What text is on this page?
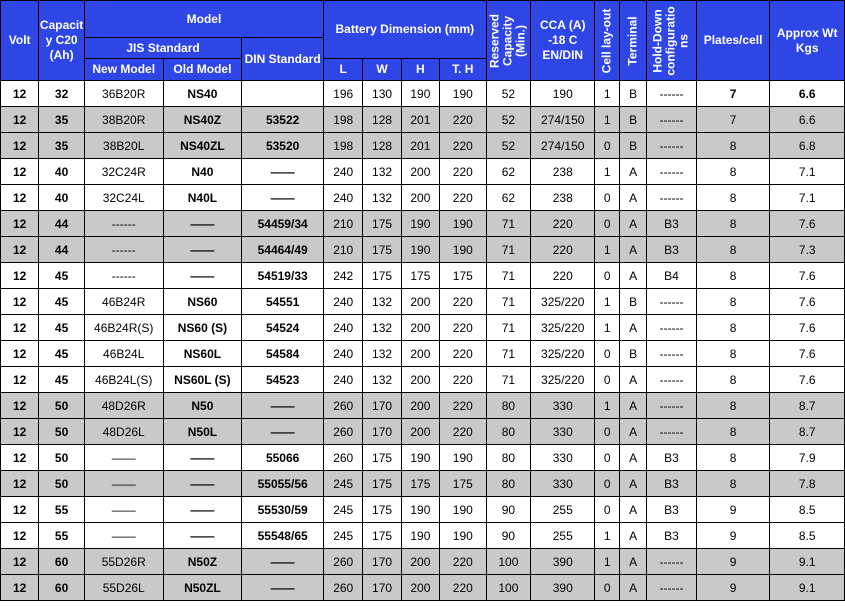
Volt	Capacit y C20 (Ah)	Model			Battery Dimension (mm)				Reserved Capacity (Min.)	CCA (A) -18 C EN/DIN	Cell lay-out	Terminal	Hold-Down configuratio ns	Plates/cell	Approx Wt Kgs

		JIS Standard		DIN Standard											
		New Model	Old Model		L	W	H	T. H							
12	32	36B20R	NS40		196	130	190	190	52	190	1	B	------	7	6.6
12	35	38B20R	NS40Z	53522	198	128	201	220	52	274/150	1	B	------	7	6.6
12	35	38B20L	NS40ZL	53520	198	128	201	220	52	274/150	0	B	------	8	6.8
12	40	32C24R	N40	——	240	132	200	220	62	238	1	A	------	8	7.1
12	40	32C24L	N40L	——	240	132	200	220	62	238	0	A	------	8	7.1
12	44	------	——	54459/34	210	175	190	190	71	220	0	A	B3	8	7.6
12	44	------	——	54464/49	210	175	190	190	71	220	1	A	B3	8	7.3
12	45	------	——	54519/33	242	175	175	175	71	220	0	A	B4	8	7.6
12	45	46B24R	NS60	54551	240	132	200	220	71	325/220	1	B	------	8	7.6
12	45	46B24R(S)	NS60 (S)	54524	240	132	200	220	71	325/220	1	A	------	8	7.6
12	45	46B24L	NS60L	54584	240	132	200	220	71	325/220	0	B	------	8	7.6
12	45	46B24L(S)	NS60L (S)	54523	240	132	200	220	71	325/220	0	A	------	8	7.6
12	50	48D26R	N50	——	260	170	200	220	80	330	1	A	------	8	8.7
12	50	48D26L	N50L	——	260	170	200	220	80	330	0	A	------	8	8.7
12	50	——	——	55066	260	175	190	190	80	330	0	A	B3	8	7.9
12	50	——	——	55055/56	245	175	175	175	80	330	0	A	B3	8	7.8
12	55	——	——	55530/59	245	175	190	190	90	255	0	A	B3	9	8.5
12	55	——	——	55548/65	245	175	190	190	90	255	1	A	B3	9	8.5
12	60	55D26R	N50Z	——	260	170	200	220	100	390	1	A	------	9	9.1
12	60	55D26L	N50ZL	——	260	170	200	220	100	390	0	A	------	9	9.1
